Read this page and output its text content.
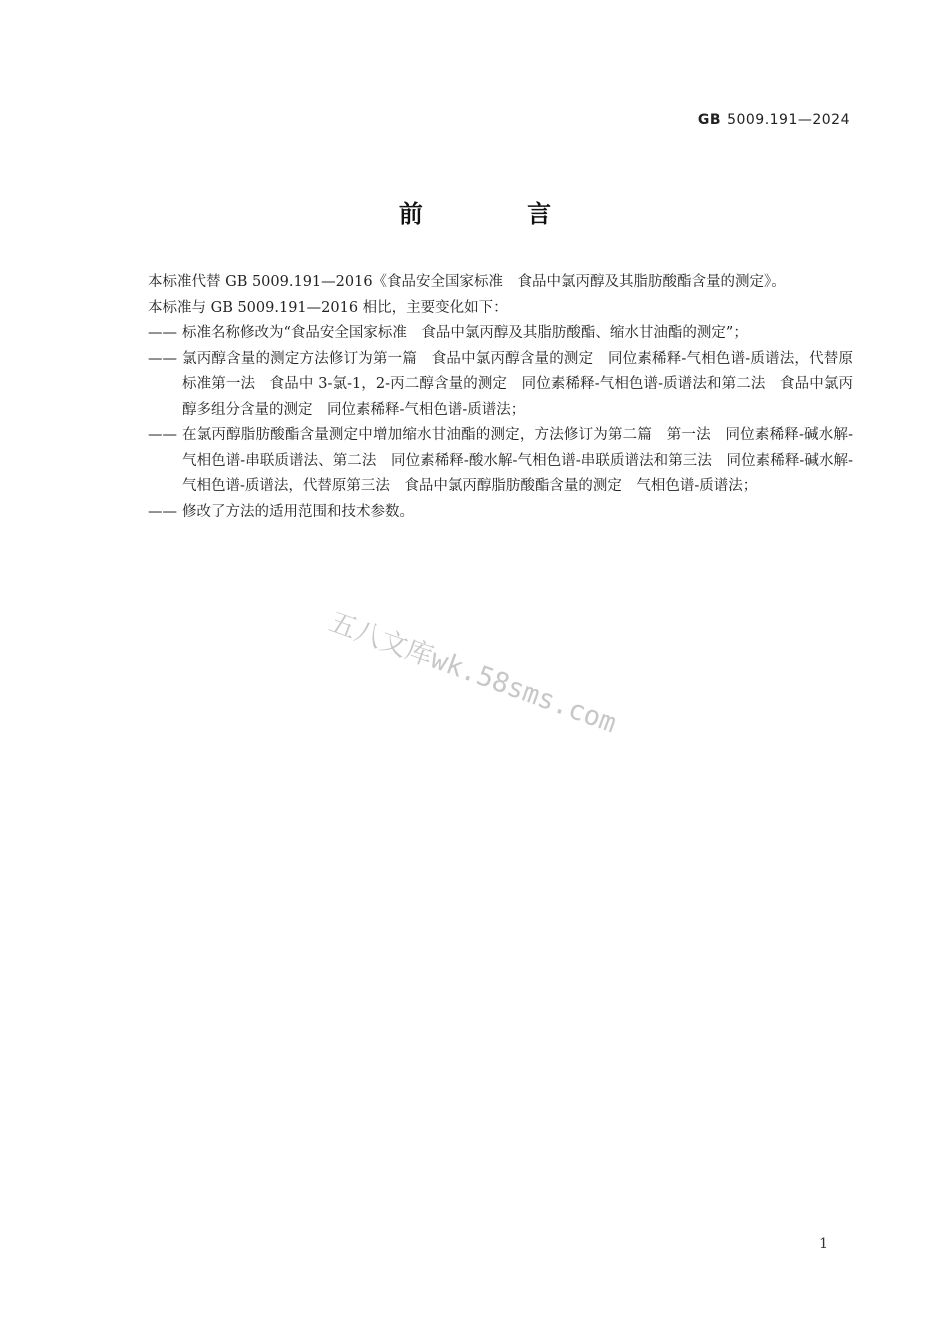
GB 5009.191—2024
前 言

本标准代替 GB 5009.191—2016《食品安全国家标准　食品中氯丙醇及其脂肪酸酯含量的测定》。

本标准与 GB 5009.191—2016 相比，主要变化如下：

—— 标准名称修改为“食品安全国家标准　食品中氯丙醇及其脂肪酸酯、缩水甘油酯的测定”；
—— 氯丙醇含量的测定方法修订为第一篇　食品中氯丙醇含量的测定　同位素稀释-气相色谱-质谱法，代替原标准第一法　食品中 3-氯-1，2-丙二醇含量的测定　同位素稀释-气相色谱-质谱法和第二法　食品中氯丙醇多组分含量的测定　同位素稀释-气相色谱-质谱法；
—— 在氯丙醇脂肪酸酯含量测定中增加缩水甘油酯的测定，方法修订为第二篇　第一法　同位素稀释-碱水解-气相色谱-串联质谱法、第二法　同位素稀释-酸水解-气相色谱-串联质谱法和第三法　同位素稀释-碱水解-气相色谱-质谱法，代替原第三法　食品中氯丙醇脂肪酸酯含量的测定　气相色谱-质谱法；
—— 修改了方法的适用范围和技术参数。
五八文库wk.58sms.com
1
